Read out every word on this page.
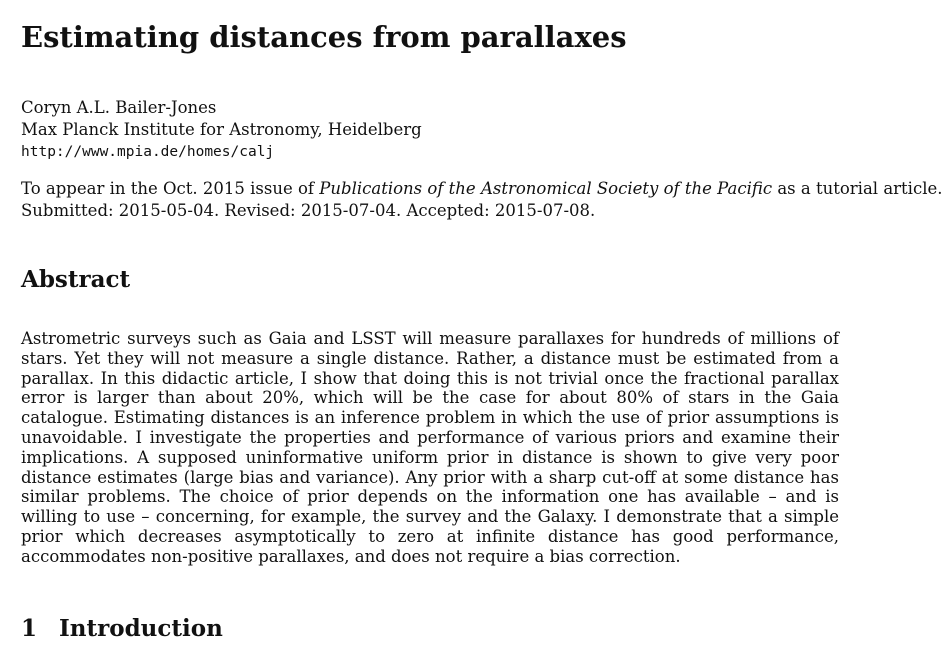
Estimating distances from parallaxes
Coryn A.L. Bailer-Jones
Max Planck Institute for Astronomy, Heidelberg
http://www.mpia.de/homes/calj
To appear in the Oct. 2015 issue of Publications of the Astronomical Society of the Pacific as a tutorial article.
Submitted: 2015-05-04. Revised: 2015-07-04. Accepted: 2015-07-08.
Abstract
Astrometric surveys such as Gaia and LSST will measure parallaxes for hundreds of millions of stars. Yet they will not measure a single distance. Rather, a distance must be estimated from a parallax. In this didactic article, I show that doing this is not trivial once the fractional parallax error is larger than about 20%, which will be the case for about 80% of stars in the Gaia catalogue. Estimating distances is an inference problem in which the use of prior assumptions is unavoidable. I investigate the properties and performance of various priors and examine their implications. A supposed uninformative uniform prior in distance is shown to give very poor distance estimates (large bias and variance). Any prior with a sharp cut-off at some distance has similar problems. The choice of prior depends on the information one has available – and is willing to use – concerning, for example, the survey and the Galaxy. I demonstrate that a simple prior which decreases asymptotically to zero at infinite distance has good performance, accommodates non-positive parallaxes, and does not require a bias correction.
1 Introduction
